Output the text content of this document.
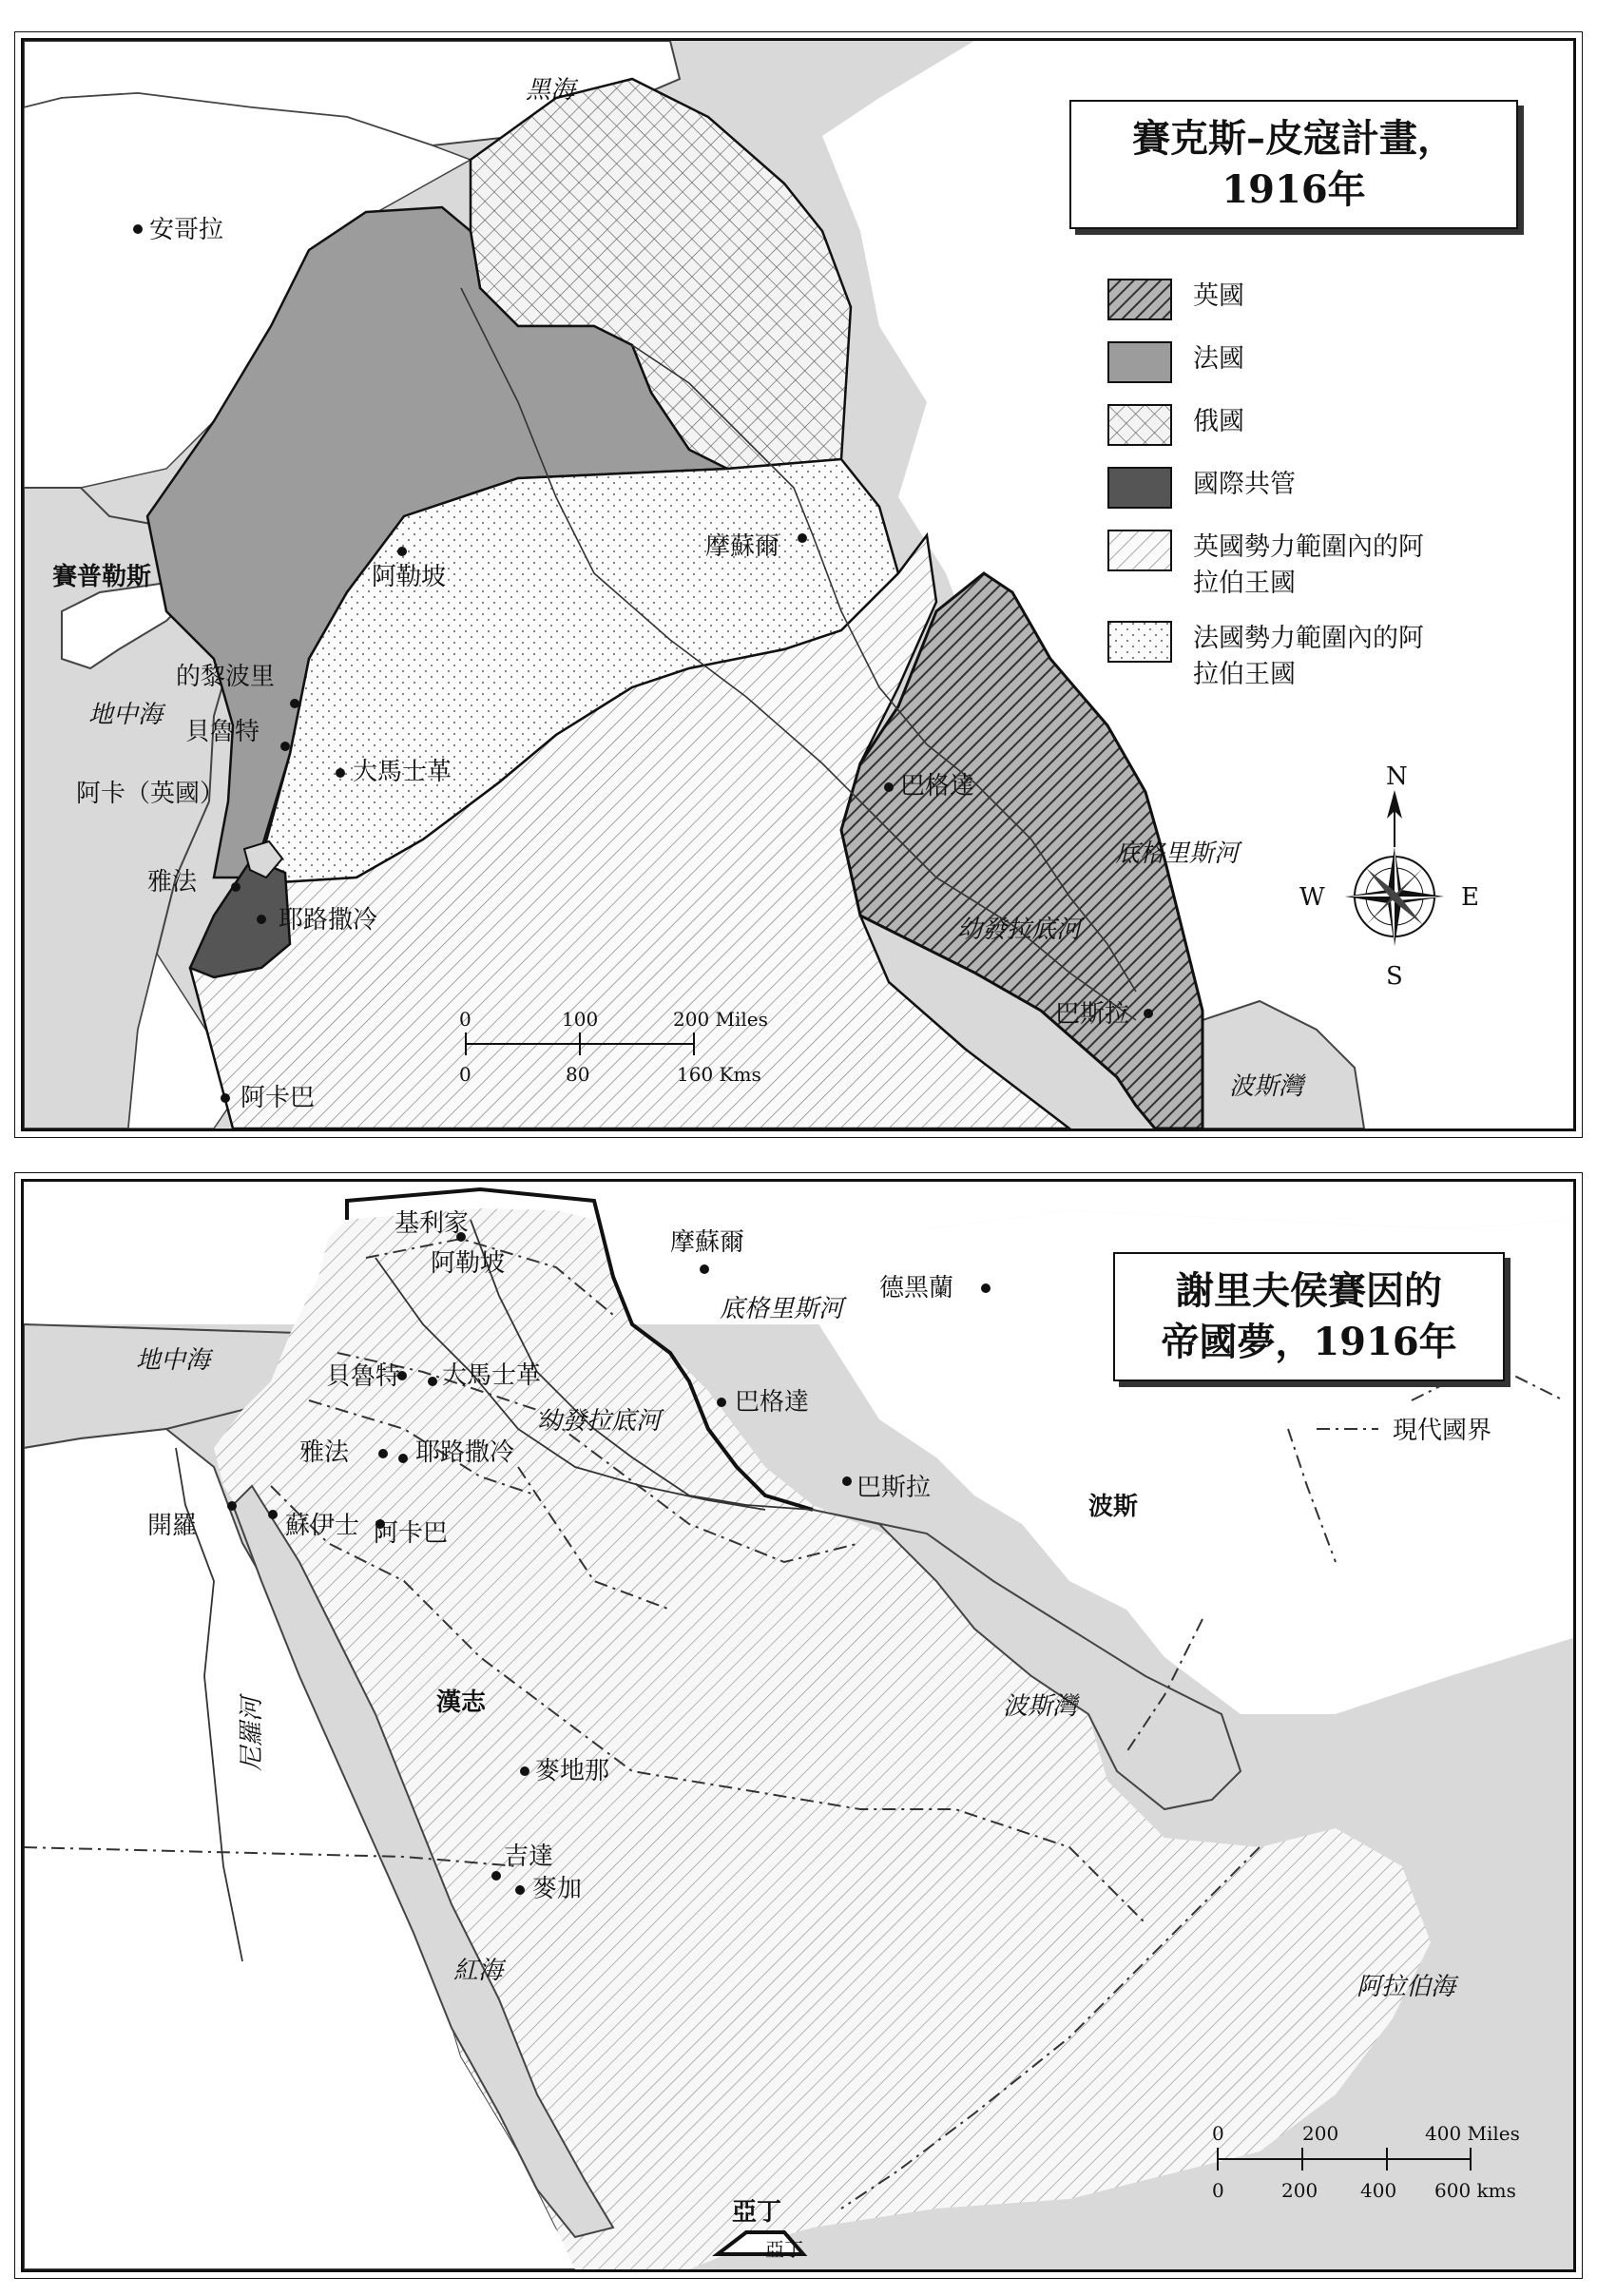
黑海
安哥拉
賽普勒斯
的黎波里
地中海
貝魯特
阿卡（英國）
雅法
耶路撒冷
大馬士革
阿勒坡
摩蘇爾
巴格達
底格里斯河
幼發拉底河
巴斯拉
波斯灣
阿卡巴
N
S
E
W
0	100	200 Miles
0	80	160 Kms
賽克斯–皮寇計畫，
1916年
英國
法國
俄國
國際共管
英國勢力範圍內的阿拉伯王國
法國勢力範圍內的阿拉伯王國
基利家
阿勒坡
摩蘇爾
德黑蘭
底格里斯河
地中海
貝魯特 大馬士革
巴格達
幼發拉底河
雅法	耶路撒冷
巴斯拉
波斯
開羅	蘇伊士 阿卡巴
波斯灣
漢志
尼羅河	麥地那
吉達
麥加
紅海
阿拉伯海
亞丁
亞丁
現代國界
0	200	400 Miles
0	200 400 600 kms
謝里夫侯賽因的
帝國夢，1916年
